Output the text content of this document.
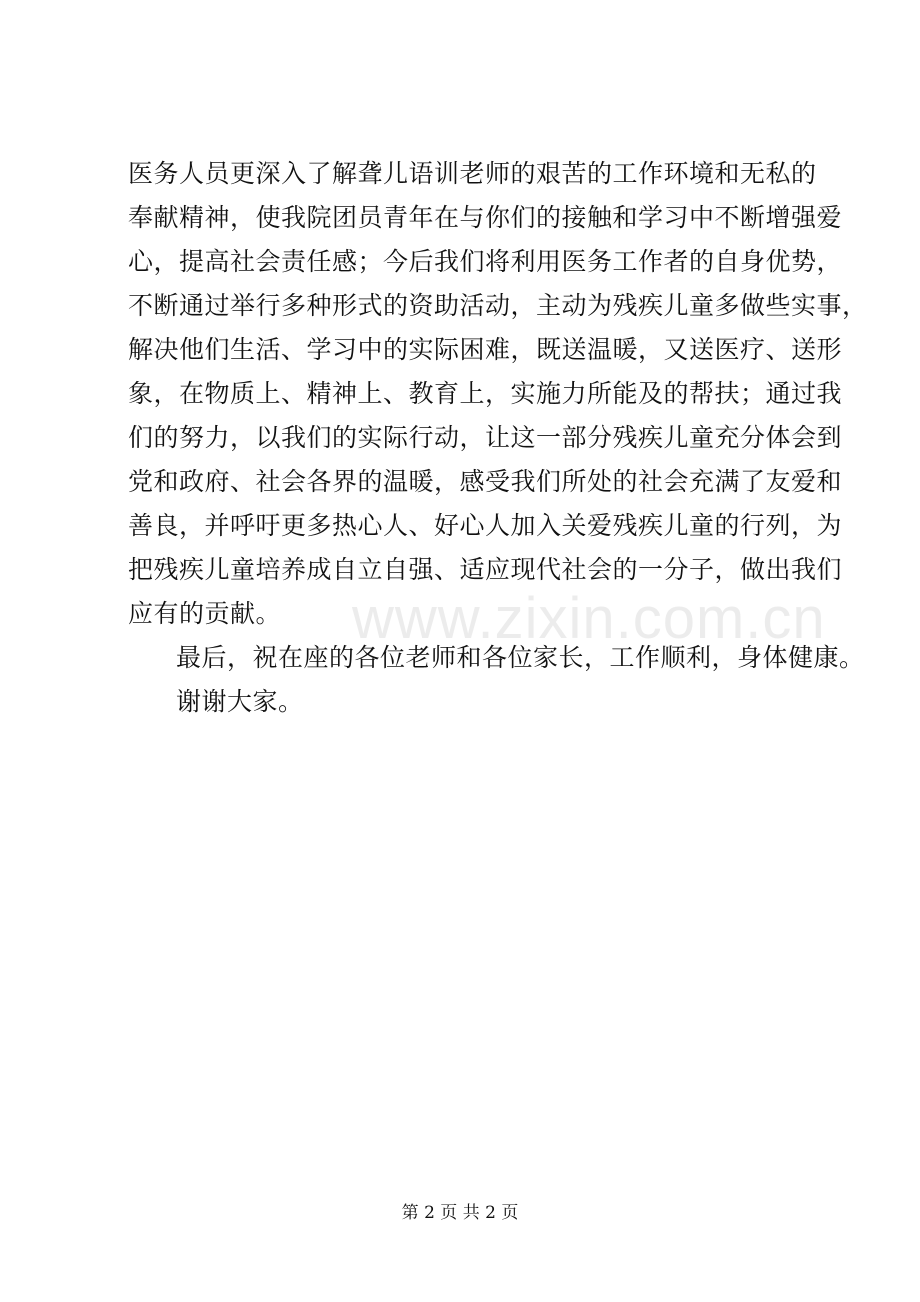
医务人员更深入了解聋儿语训老师的艰苦的工作环境和无私的
奉献精神，使我院团员青年在与你们的接触和学习中不断增强爱
心，提高社会责任感；今后我们将利用医务工作者的自身优势，
不断通过举行多种形式的资助活动，主动为残疾儿童多做些实事，
解决他们生活、学习中的实际困难，既送温暖，又送医疗、送形
象，在物质上、精神上、教育上，实施力所能及的帮扶；通过我
们的努力，以我们的实际行动，让这一部分残疾儿童充分体会到
党和政府、社会各界的温暖，感受我们所处的社会充满了友爱和
善良，并呼吁更多热心人、好心人加入关爱残疾儿童的行列，为
把残疾儿童培养成自立自强、适应现代社会的一分子，做出我们
应有的贡献。
最后，祝在座的各位老师和各位家长，工作顺利，身体健康。
谢谢大家。
www.zixin.com.cn
第 2 页 共 2 页
